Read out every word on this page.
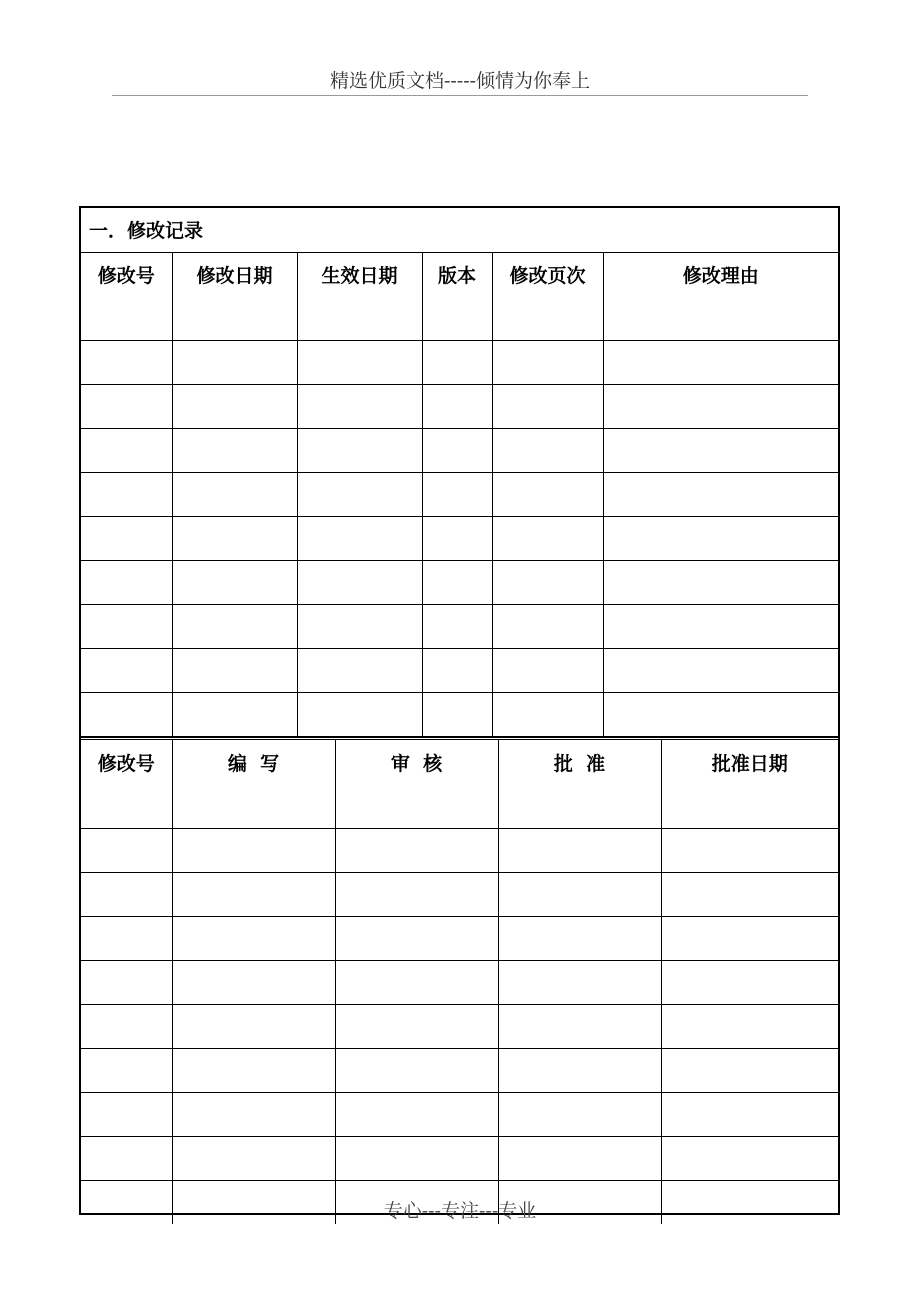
精选优质文档-----倾情为你奉上
一．修改记录					
修改号	修改日期	生效日期	版本	修改页次	修改理由

修改号	编  写	审  核	批  准	批准日期

专心---专注---专业
